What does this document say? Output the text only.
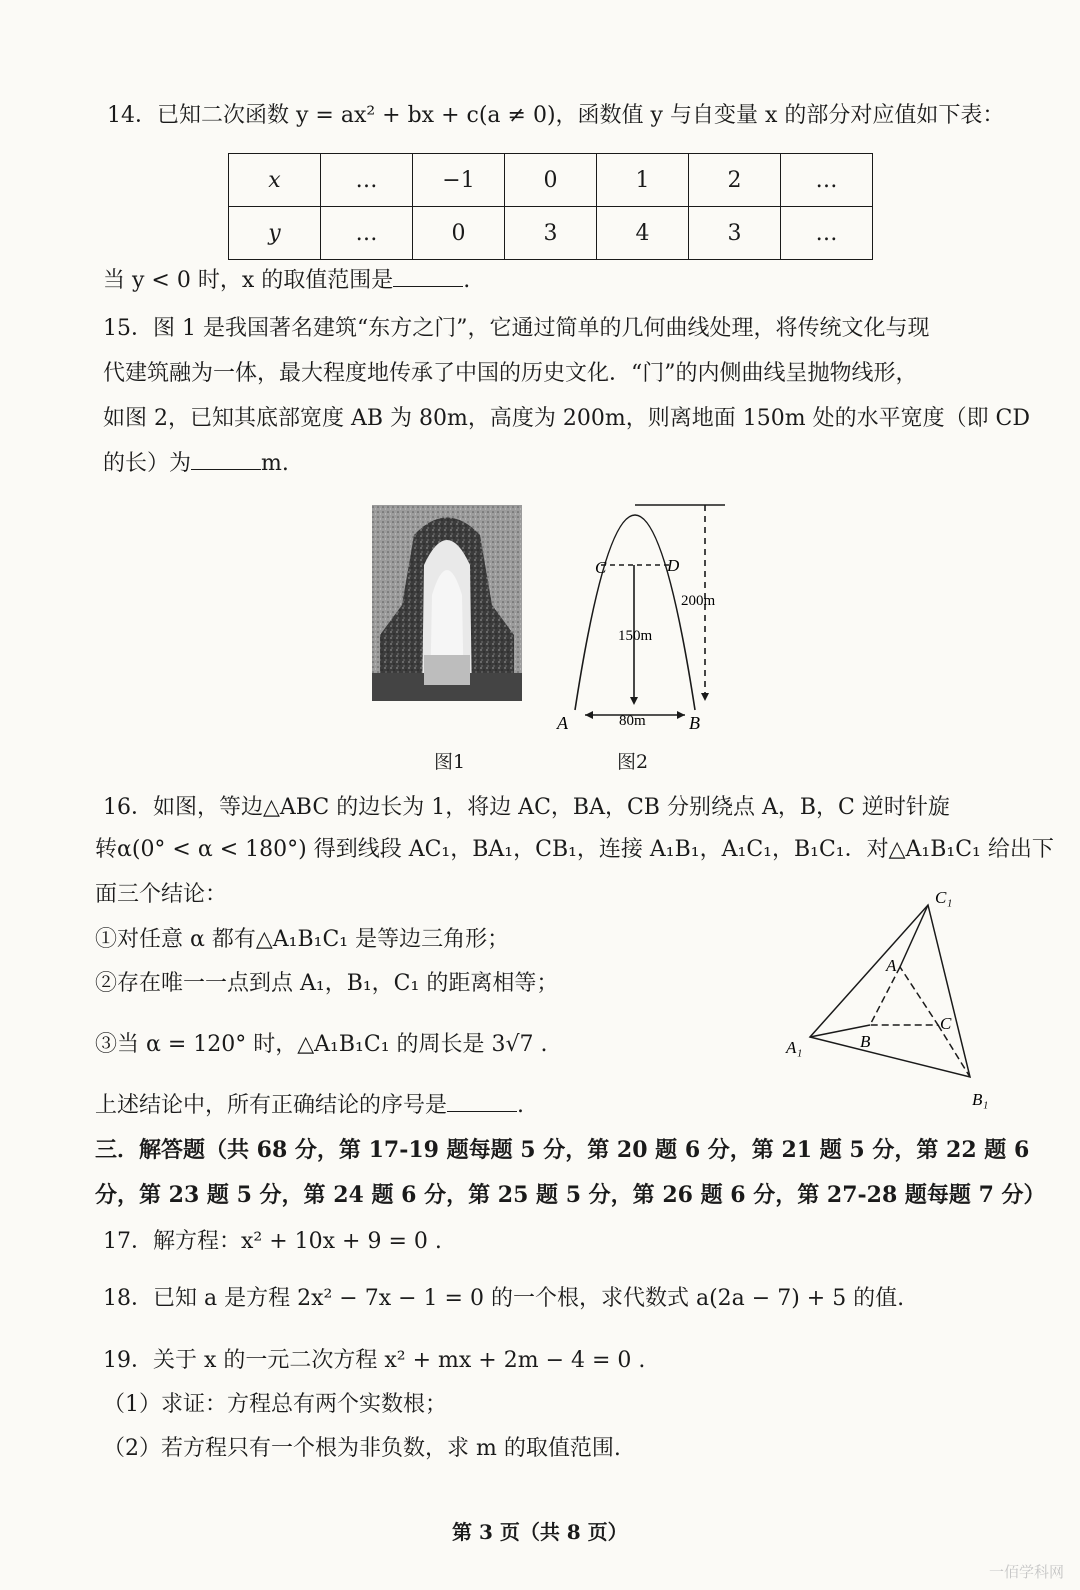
14．已知二次函数 y = ax² + bx + c(a ≠ 0)，函数值 y 与自变量 x 的部分对应值如下表：
x	…	−1	0	1	2	…
y	…	0	3	4	3	…
当 y < 0 时，x 的取值范围是	.
15．图 1 是我国著名建筑“东方之门”，它通过简单的几何曲线处理，将传统文化与现
代建筑融为一体，最大程度地传承了中国的历史文化．“门”的内侧曲线呈抛物线形，
如图 2，已知其底部宽度 AB 为 80m，高度为 200m，则离地面 150m 处的水平宽度（即 CD
的长）为	m.
C	D
200m
150m
80m
A	B
图1	图2
16．如图，等边△ABC 的边长为 1，将边 AC，BA，CB 分别绕点 A，B，C 逆时针旋
转α(0° < α < 180°) 得到线段 AC₁，BA₁，CB₁，连接 A₁B₁，A₁C₁，B₁C₁．对△A₁B₁C₁ 给出下
面三个结论：
①对任意 α 都有△A₁B₁C₁ 是等边三角形；
②存在唯一一点到点 A₁，B₁，C₁ 的距离相等；
③当 α = 120° 时，△A₁B₁C₁ 的周长是 3√7 .
上述结论中，所有正确结论的序号是	.
C₁
A
C
B
A₁
B₁
三．解答题（共 68 分，第 17-19 题每题 5 分，第 20 题 6 分，第 21 题 5 分，第 22 题 6
分，第 23 题 5 分，第 24 题 6 分，第 25 题 5 分，第 26 题 6 分，第 27-28 题每题 7 分）
17．解方程：x² + 10x + 9 = 0 .
18．已知 a 是方程 2x² − 7x − 1 = 0 的一个根，求代数式 a(2a − 7) + 5 的值.
19．关于 x 的一元二次方程 x² + mx + 2m − 4 = 0 .
（1）求证：方程总有两个实数根；
（2）若方程只有一个根为非负数，求 m 的取值范围.
第 3 页（共 8 页）
一佰学科网
